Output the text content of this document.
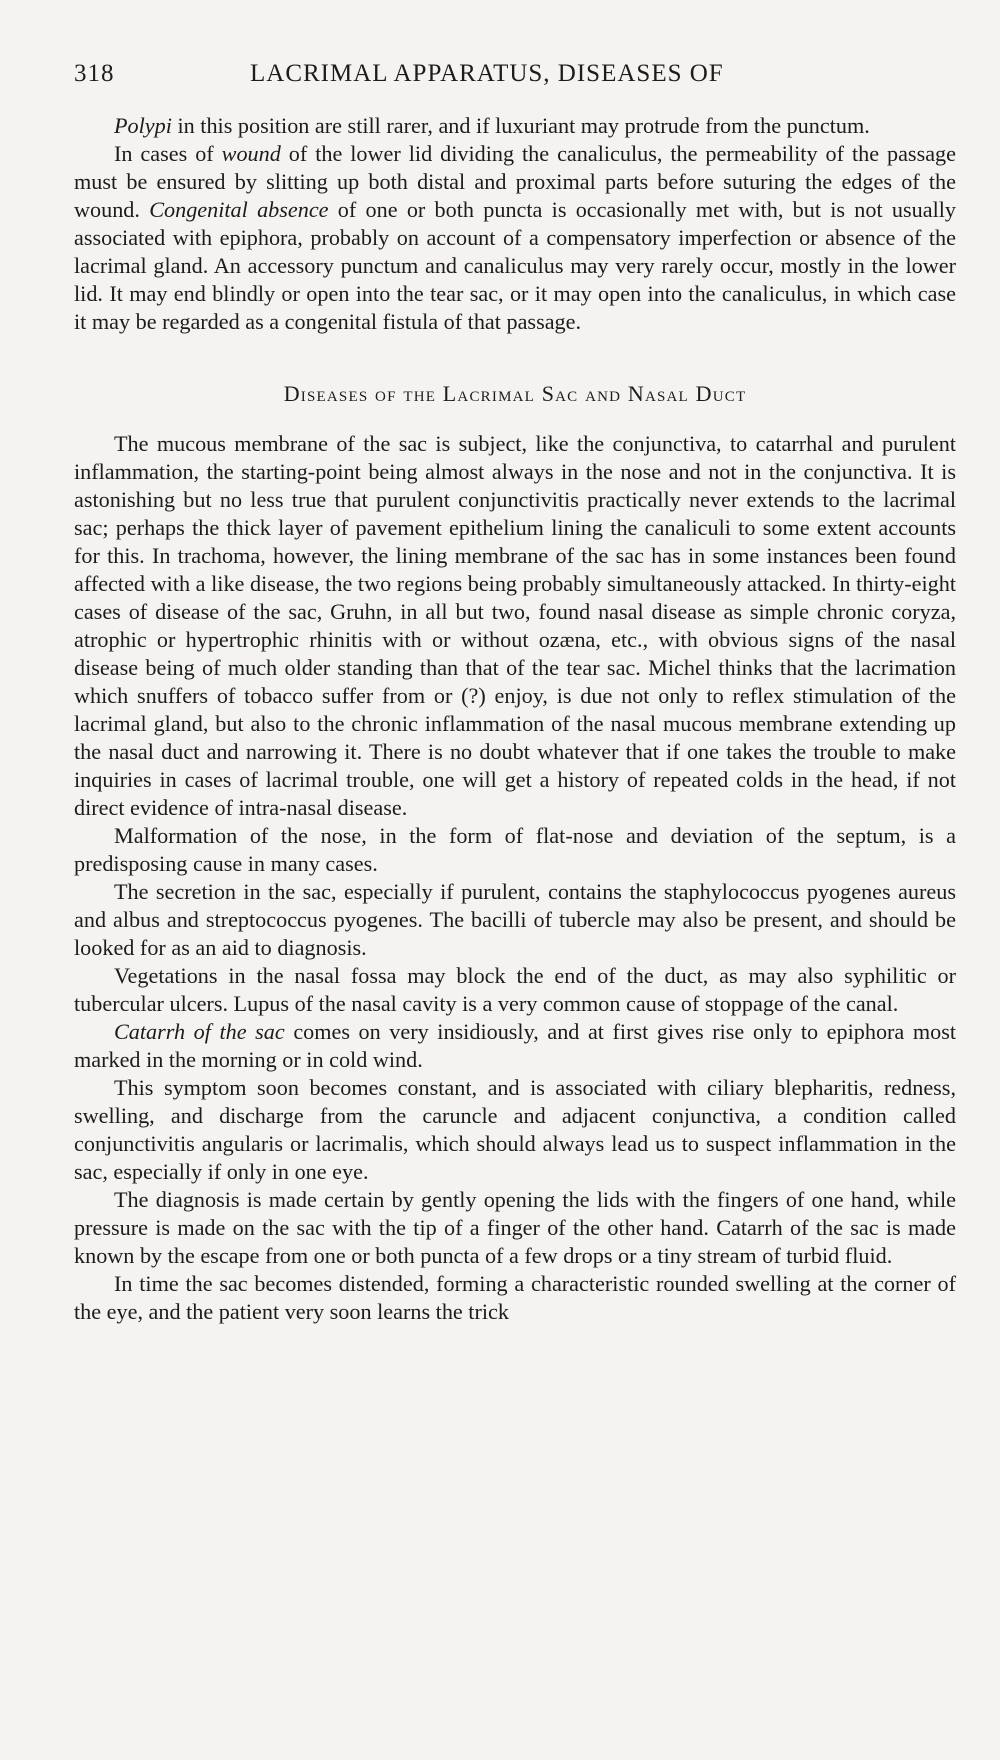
318	LACRIMAL APPARATUS, DISEASES OF

Polypi in this position are still rarer, and if luxuriant may protrude from the punctum.

In cases of wound of the lower lid dividing the canaliculus, the permeability of the passage must be ensured by slitting up both distal and proximal parts before suturing the edges of the wound. Congenital absence of one or both puncta is occasionally met with, but is not usually associated with epiphora, probably on account of a compensatory imperfection or absence of the lacrimal gland. An accessory punctum and canaliculus may very rarely occur, mostly in the lower lid. It may end blindly or open into the tear sac, or it may open into the canaliculus, in which case it may be regarded as a congenital fistula of that passage.

Diseases of the Lacrimal Sac and Nasal Duct

The mucous membrane of the sac is subject, like the conjunctiva, to catarrhal and purulent inflammation, the starting-point being almost always in the nose and not in the conjunctiva. It is astonishing but no less true that purulent conjunctivitis practically never extends to the lacrimal sac; perhaps the thick layer of pavement epithelium lining the canaliculi to some extent accounts for this. In trachoma, however, the lining membrane of the sac has in some instances been found affected with a like disease, the two regions being probably simultaneously attacked. In thirty-eight cases of disease of the sac, Gruhn, in all but two, found nasal disease as simple chronic coryza, atrophic or hypertrophic rhinitis with or without ozæna, etc., with obvious signs of the nasal disease being of much older standing than that of the tear sac. Michel thinks that the lacrimation which snuffers of tobacco suffer from or (?) enjoy, is due not only to reflex stimulation of the lacrimal gland, but also to the chronic inflammation of the nasal mucous membrane extending up the nasal duct and narrowing it. There is no doubt whatever that if one takes the trouble to make inquiries in cases of lacrimal trouble, one will get a history of repeated colds in the head, if not direct evidence of intra-nasal disease.

Malformation of the nose, in the form of flat-nose and deviation of the septum, is a predisposing cause in many cases.

The secretion in the sac, especially if purulent, contains the staphylococcus pyogenes aureus and albus and streptococcus pyogenes. The bacilli of tubercle may also be present, and should be looked for as an aid to diagnosis.

Vegetations in the nasal fossa may block the end of the duct, as may also syphilitic or tubercular ulcers. Lupus of the nasal cavity is a very common cause of stoppage of the canal.

Catarrh of the sac comes on very insidiously, and at first gives rise only to epiphora most marked in the morning or in cold wind.

This symptom soon becomes constant, and is associated with ciliary blepharitis, redness, swelling, and discharge from the caruncle and adjacent conjunctiva, a condition called conjunctivitis angularis or lacrimalis, which should always lead us to suspect inflammation in the sac, especially if only in one eye.

The diagnosis is made certain by gently opening the lids with the fingers of one hand, while pressure is made on the sac with the tip of a finger of the other hand. Catarrh of the sac is made known by the escape from one or both puncta of a few drops or a tiny stream of turbid fluid.

In time the sac becomes distended, forming a characteristic rounded swelling at the corner of the eye, and the patient very soon learns the trick
